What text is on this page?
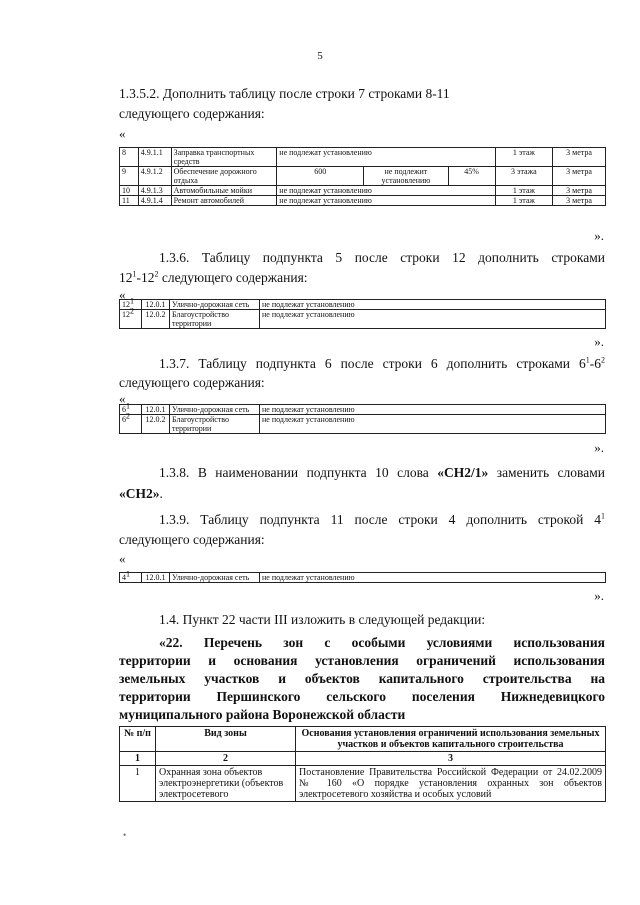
5
1.3.5.2. Дополнить таблицу после строки 7 строками 8-11
следующего содержания:
«
8	4.9.1.1	Заправка транспортных средств	не подлежат установлению			1 этаж	3 метра
9	4.9.1.2	Обеспечение дорожного отдыха	600	не подлежит установлению	45%	3 этажа	3 метра
10	4.9.1.3	Автомобильные мойки	не подлежат установлению			1 этаж	3 метра
11	4.9.1.4	Ремонт автомобилей	не подлежат установлению			1 этаж	3 метра
».
1.3.6. Таблицу подпункта 5 после строки 12 дополнить строками
$12^1-12^2$ следующего содержания:
«
$12^1$	12.0.1	Улично-дорожная сеть	не подлежат установлению
$12^2$	12.0.2	Благоустройство территории	не подлежат установлению
».
1.3.7. Таблицу подпункта 6 после строки 6 дополнить строками $6^1-6^2$
следующего содержания:
«
$6^1$	12.0.1	Улично-дорожная сеть	не подлежат установлению
$6^2$	12.0.2	Благоустройство территории	не подлежат установлению
».
1.3.8. В наименовании подпункта 10 слова «СН2/1» заменить словами
«СН2».
1.3.9. Таблицу подпункта 11 после строки 4 дополнить строкой $4^1$
следующего содержания:
«
$4^1$	12.0.1	Улично-дорожная сеть	не подлежат установлению
».
1.4. Пункт 22 части III изложить в следующей редакции:
«22. Перечень зон с особыми условиями использования
территории и основания установления ограничений использования
земельных участков и объектов капитального строительства на
территории Першинского сельского поселения Нижнедевицкого
муниципального района Воронежской области
№ п/п	Вид зоны	Основания установления ограничений использования земельных участков и объектов капитального строительства
1	2	3
1	Охранная зона объектов электроэнергетики (объектов электросетевого	Постановление Правительства Российской Федерации от 24.02.2009 № 160 «О порядке установления охранных зон объектов электросетевого хозяйства и особых условий
•
